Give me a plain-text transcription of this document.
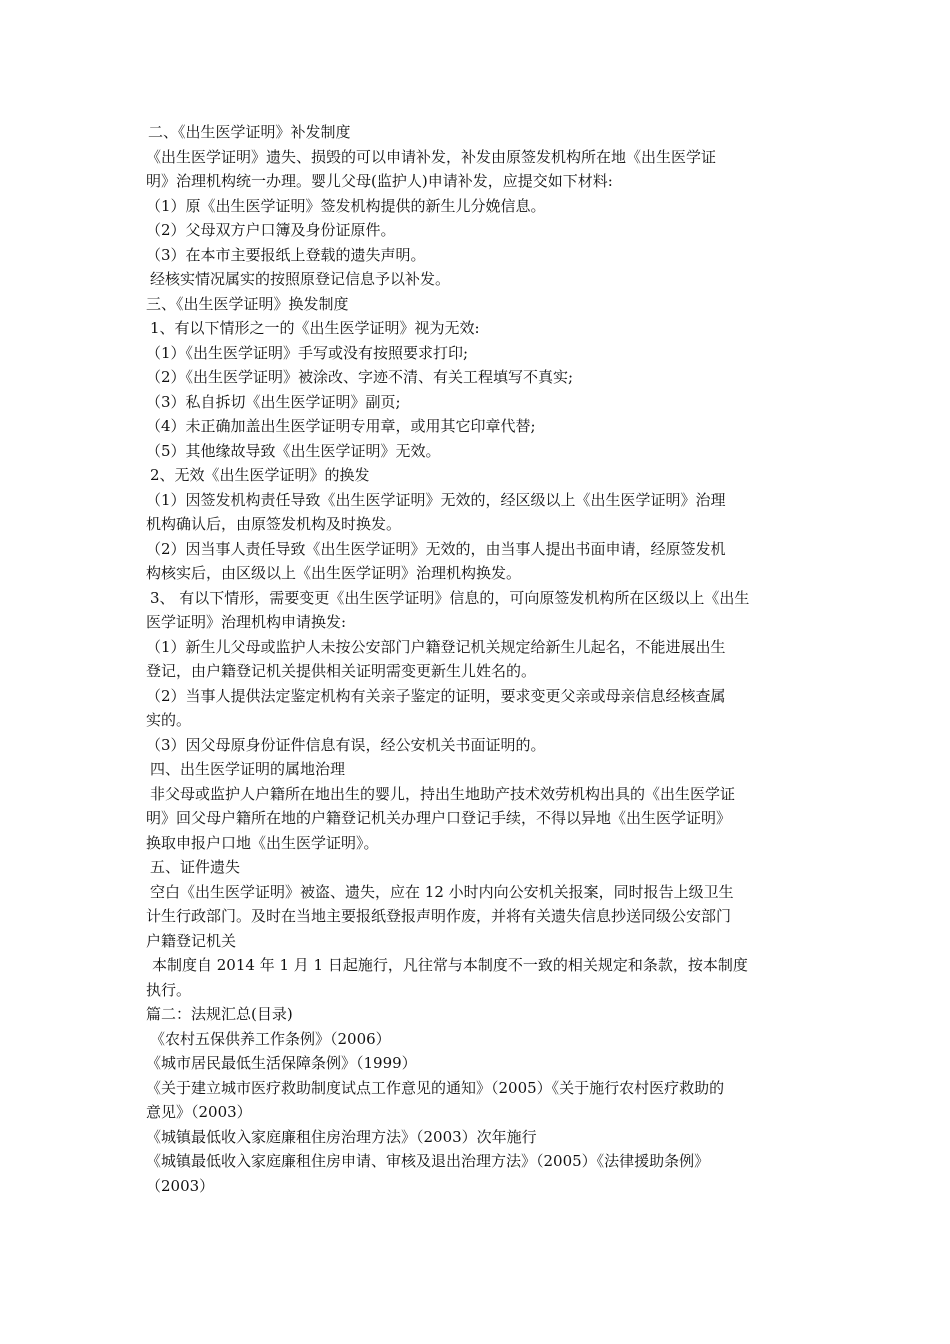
二、《出生医学证明》补发制度

《出生医学证明》遗失、损毁的可以申请补发，补发由原签发机构所在地《出生医学证

明》治理机构统一办理。婴儿父母(监护人)申请补发，应提交如下材料:

（1）原《出生医学证明》签发机构提供的新生儿分娩信息。

（2）父母双方户口簿及身份证原件。

（3）在本市主要报纸上登载的遗失声明。

经核实情况属实的按照原登记信息予以补发。

三、《出生医学证明》换发制度

1、有以下情形之一的《出生医学证明》视为无效:

（1）《出生医学证明》手写或没有按照要求打印;

（2）《出生医学证明》被涂改、字迹不清、有关工程填写不真实;

（3）私自拆切《出生医学证明》副页;

（4）未正确加盖出生医学证明专用章，或用其它印章代替;

（5）其他缘故导致《出生医学证明》无效。

2、无效《出生医学证明》的换发

（1）因签发机构责任导致《出生医学证明》无效的，经区级以上《出生医学证明》治理

机构确认后，由原签发机构及时换发。

（2）因当事人责任导致《出生医学证明》无效的，由当事人提出书面申请，经原签发机

构核实后，由区级以上《出生医学证明》治理机构换发。

3、 有以下情形，需要变更《出生医学证明》信息的，可向原签发机构所在区级以上《出生

医学证明》治理机构申请换发:

（1）新生儿父母或监护人未按公安部门户籍登记机关规定给新生儿起名，不能进展出生

登记，由户籍登记机关提供相关证明需变更新生儿姓名的。

（2）当事人提供法定鉴定机构有关亲子鉴定的证明，要求变更父亲或母亲信息经核查属

实的。

（3）因父母原身份证件信息有误，经公安机关书面证明的。

四、出生医学证明的属地治理

非父母或监护人户籍所在地出生的婴儿，持出生地助产技术效劳机构出具的《出生医学证

明》回父母户籍所在地的户籍登记机关办理户口登记手续，不得以异地《出生医学证明》

换取申报户口地《出生医学证明》。

五、证件遗失

空白《出生医学证明》被盗、遗失，应在 12 小时内向公安机关报案，同时报告上级卫生

计生行政部门。及时在当地主要报纸登报声明作废，并将有关遗失信息抄送同级公安部门

户籍登记机关

本制度自 2014 年 1 月 1 日起施行，凡往常与本制度不一致的相关规定和条款，按本制度

执行。

篇二：法规汇总(目录)

《农村五保供养工作条例》（2006）

《城市居民最低生活保障条例》（1999）

《关于建立城市医疗救助制度试点工作意见的通知》（2005）《关于施行农村医疗救助的

意见》（2003）

《城镇最低收入家庭廉租住房治理方法》（2003）次年施行

《城镇最低收入家庭廉租住房申请、审核及退出治理方法》（2005）《法律援助条例》

（2003）
